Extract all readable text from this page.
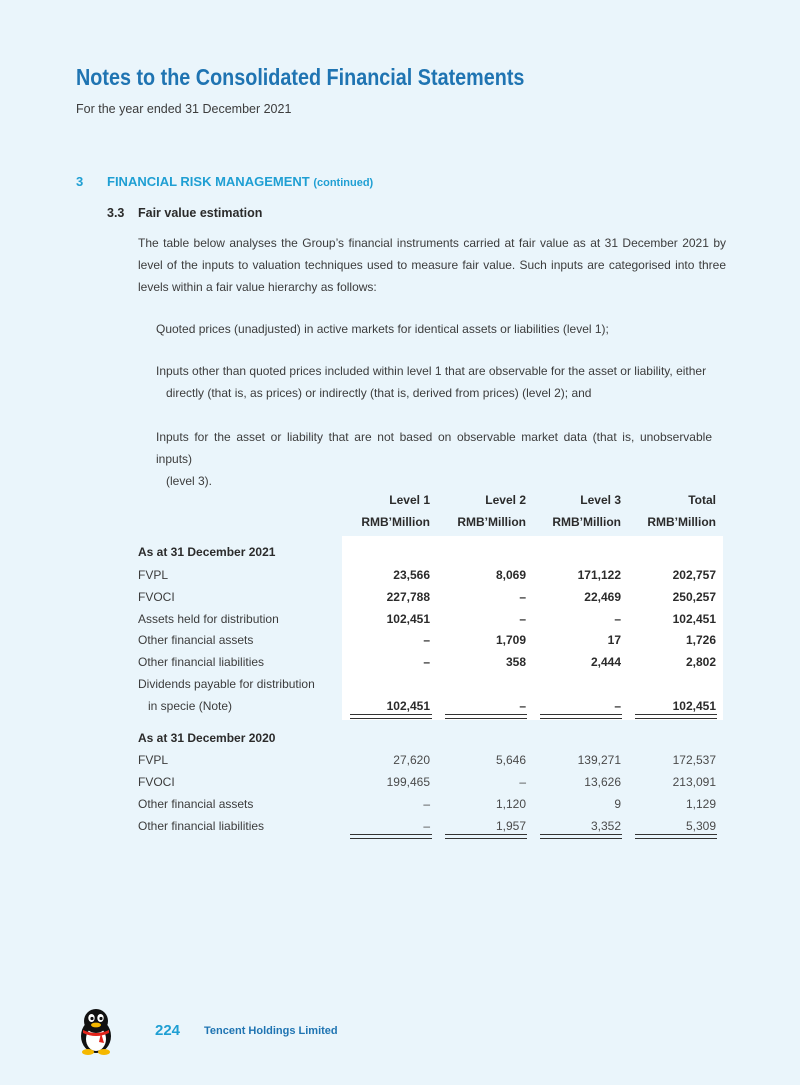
Notes to the Consolidated Financial Statements
For the year ended 31 December 2021
3 FINANCIAL RISK MANAGEMENT (continued)
3.3 Fair value estimation
The table below analyses the Group’s financial instruments carried at fair value as at 31 December 2021 by level of the inputs to valuation techniques used to measure fair value. Such inputs are categorised into three levels within a fair value hierarchy as follows:
Quoted prices (unadjusted) in active markets for identical assets or liabilities (level 1);
Inputs other than quoted prices included within level 1 that are observable for the asset or liability, either
directly (that is, as prices) or indirectly (that is, derived from prices) (level 2); and
Inputs for the asset or liability that are not based on observable market data (that is, unobservable inputs)
(level 3).
Level 1	Level 2	Level 3	Total
RMB’Million	RMB’Million	RMB’Million	RMB’Million
As at 31 December 2021
FVPL	23,566	8,069	171,122	202,757
FVOCI	227,788	–	22,469	250,257
Assets held for distribution	102,451	–	–	102,451
Other financial assets	–	1,709	17	1,726
Other financial liabilities	–	358	2,444	2,802
Dividends payable for distribution
in specie (Note)	102,451	–	–	102,451
As at 31 December 2020
FVPL	27,620	5,646	139,271	172,537
FVOCI	199,465	–	13,626	213,091
Other financial assets	–	1,120	9	1,129
Other financial liabilities	–	1,957	3,352	5,309
224 Tencent Holdings Limited
